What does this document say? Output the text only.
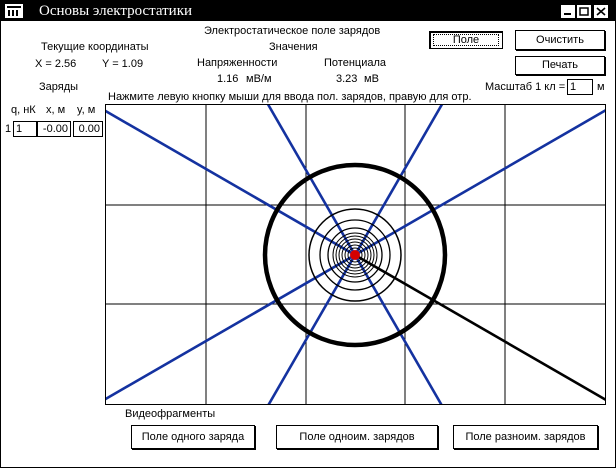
Основы электростатики
Электростатическое поле зарядов
Значения
Напряженности	Потенциала
1.16 мВ/м	3.23 мВ
Текущие координаты
X = 2.56 Y = 1.09
Заряды
q, нК x, м y, м
1 1	-0.00 0.00
Поле	Очистить
Печать
Масштаб 1 кл = 1	м
Нажмите левую кнопку мыши для ввода пол. зарядов, правую для отр.
Видеофрагменты
Поле одного заряда	Поле одноим. зарядов	Поле разноим. зарядов
